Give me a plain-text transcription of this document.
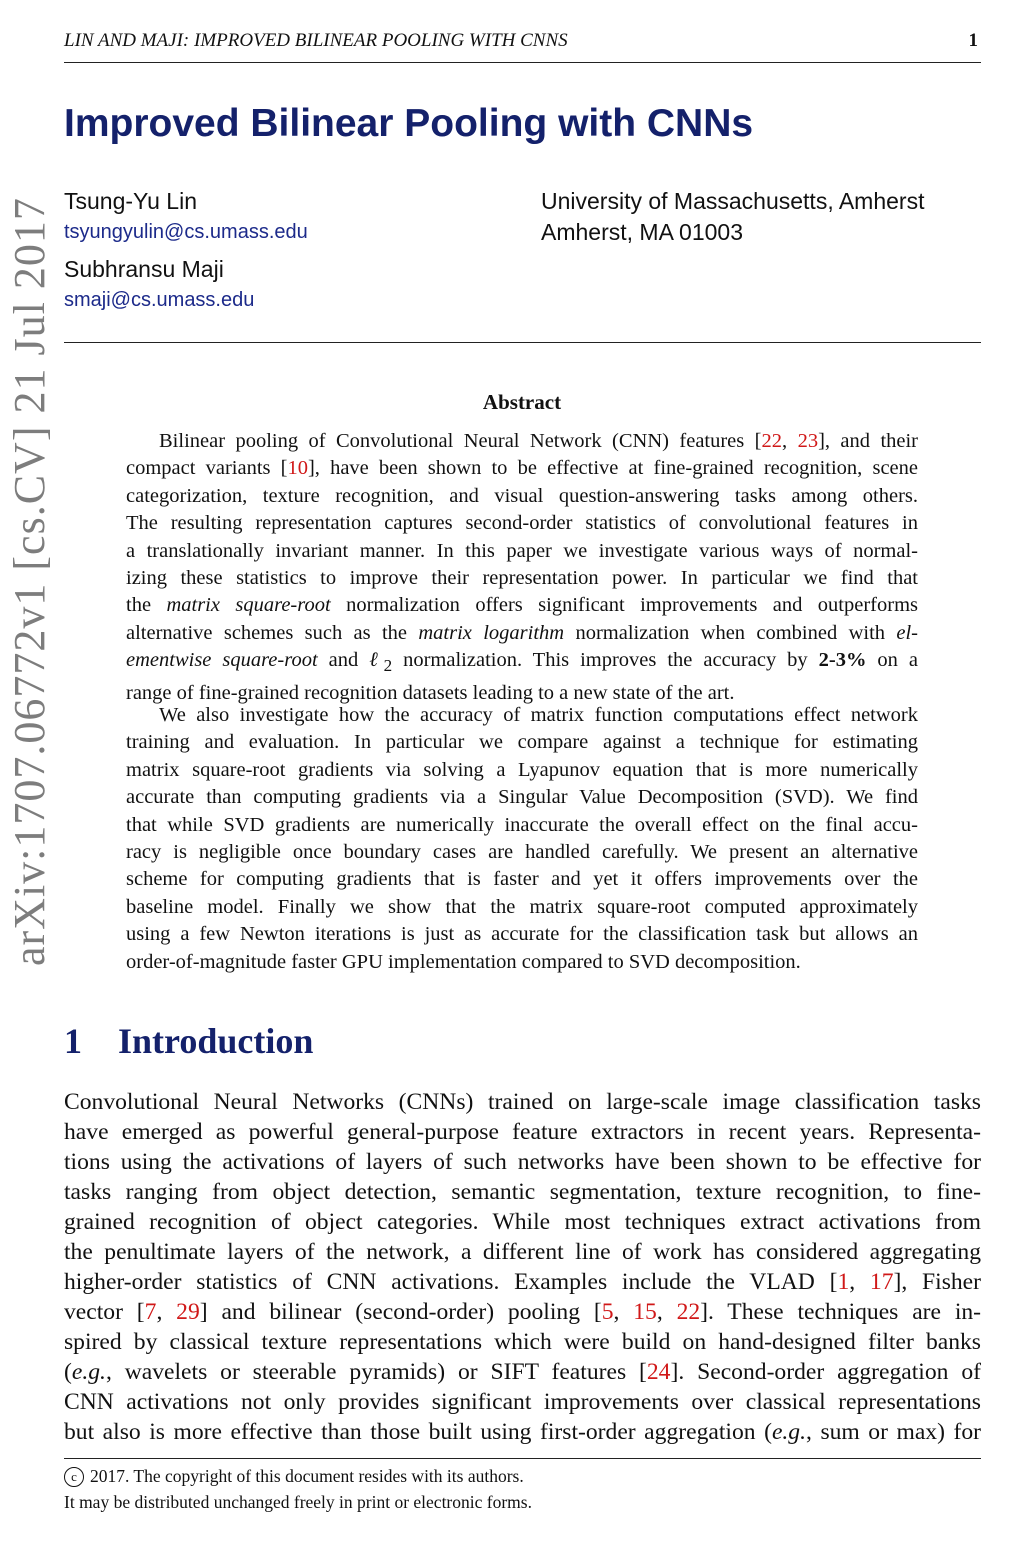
LIN AND MAJI: IMPROVED BILINEAR POOLING WITH CNNS	1
arXiv:1707.06772v1 [cs.CV] 21 Jul 2017
Improved Bilinear Pooling with CNNs
Tsung-Yu Lin
tsyungyulin@cs.umass.edu
Subhransu Maji
smaji@cs.umass.edu
University of Massachusetts, Amherst
Amherst, MA 01003
Abstract
Bilinear pooling of Convolutional Neural Network (CNN) features [22, 23], and their
compact variants [10], have been shown to be effective at fine-grained recognition, scene
categorization, texture recognition, and visual question-answering tasks among others.
The resulting representation captures second-order statistics of convolutional features in
a translationally invariant manner. In this paper we investigate various ways of normal-
izing these statistics to improve their representation power. In particular we find that
the matrix square-root normalization offers significant improvements and outperforms
alternative schemes such as the matrix logarithm normalization when combined with el-
ementwise square-root and ℓ$_2$ normalization. This improves the accuracy by 2-3% on a
range of fine-grained recognition datasets leading to a new state of the art.
We also investigate how the accuracy of matrix function computations effect network
training and evaluation. In particular we compare against a technique for estimating
matrix square-root gradients via solving a Lyapunov equation that is more numerically
accurate than computing gradients via a Singular Value Decomposition (SVD). We find
that while SVD gradients are numerically inaccurate the overall effect on the final accu-
racy is negligible once boundary cases are handled carefully. We present an alternative
scheme for computing gradients that is faster and yet it offers improvements over the
baseline model. Finally we show that the matrix square-root computed approximately
using a few Newton iterations is just as accurate for the classification task but allows an
order-of-magnitude faster GPU implementation compared to SVD decomposition.
1 Introduction
Convolutional Neural Networks (CNNs) trained on large-scale image classification tasks
have emerged as powerful general-purpose feature extractors in recent years. Representa-
tions using the activations of layers of such networks have been shown to be effective for
tasks ranging from object detection, semantic segmentation, texture recognition, to fine-
grained recognition of object categories. While most techniques extract activations from
the penultimate layers of the network, a different line of work has considered aggregating
higher-order statistics of CNN activations. Examples include the VLAD [1, 17], Fisher
vector [7, 29] and bilinear (second-order) pooling [5, 15, 22]. These techniques are in-
spired by classical texture representations which were build on hand-designed filter banks
(e.g., wavelets or steerable pyramids) or SIFT features [24]. Second-order aggregation of
CNN activations not only provides significant improvements over classical representations
but also is more effective than those built using first-order aggregation (e.g., sum or max) for
c 2017. The copyright of this document resides with its authors.
It may be distributed unchanged freely in print or electronic forms.
